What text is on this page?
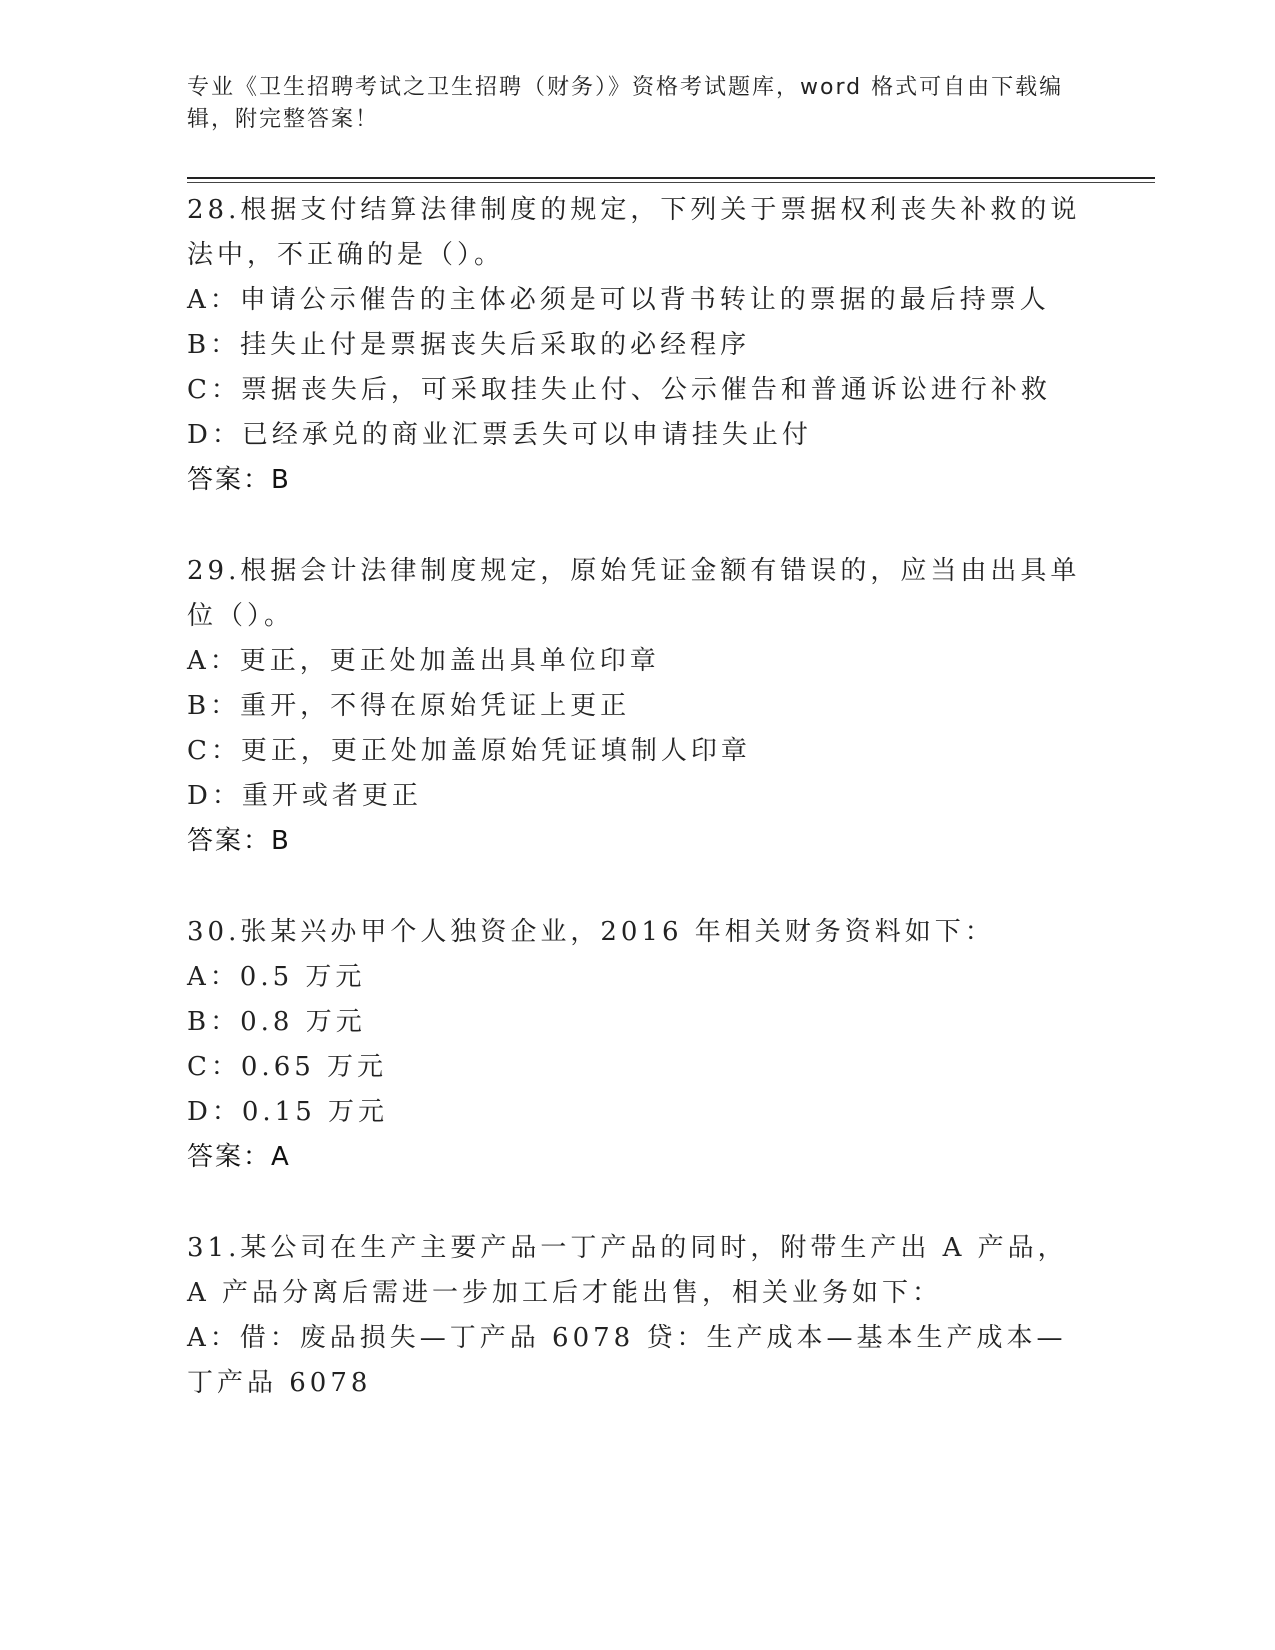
专业《卫生招聘考试之卫生招聘（财务）》资格考试题库，word 格式可自由下载编辑，附完整答案！

28.根据支付结算法律制度的规定，下列关于票据权利丧失补救的说法中，不正确的是（）。

A：申请公示催告的主体必须是可以背书转让的票据的最后持票人

B：挂失止付是票据丧失后采取的必经程序

C：票据丧失后，可采取挂失止付、公示催告和普通诉讼进行补救

D：已经承兑的商业汇票丢失可以申请挂失止付

答案：B

29.根据会计法律制度规定，原始凭证金额有错误的，应当由出具单位（）。

A：更正，更正处加盖出具单位印章

B：重开，不得在原始凭证上更正

C：更正，更正处加盖原始凭证填制人印章

D：重开或者更正

答案：B

30.张某兴办甲个人独资企业，2016 年相关财务资料如下：

A：0.5 万元

B：0.8 万元

C：0.65 万元

D：0.15 万元

答案：A

31.某公司在生产主要产品一丁产品的同时，附带生产出 A 产品，A 产品分离后需进一步加工后才能出售，相关业务如下：

A：借：废品损失—丁产品 6078 贷：生产成本—基本生产成本—丁产品 6078
